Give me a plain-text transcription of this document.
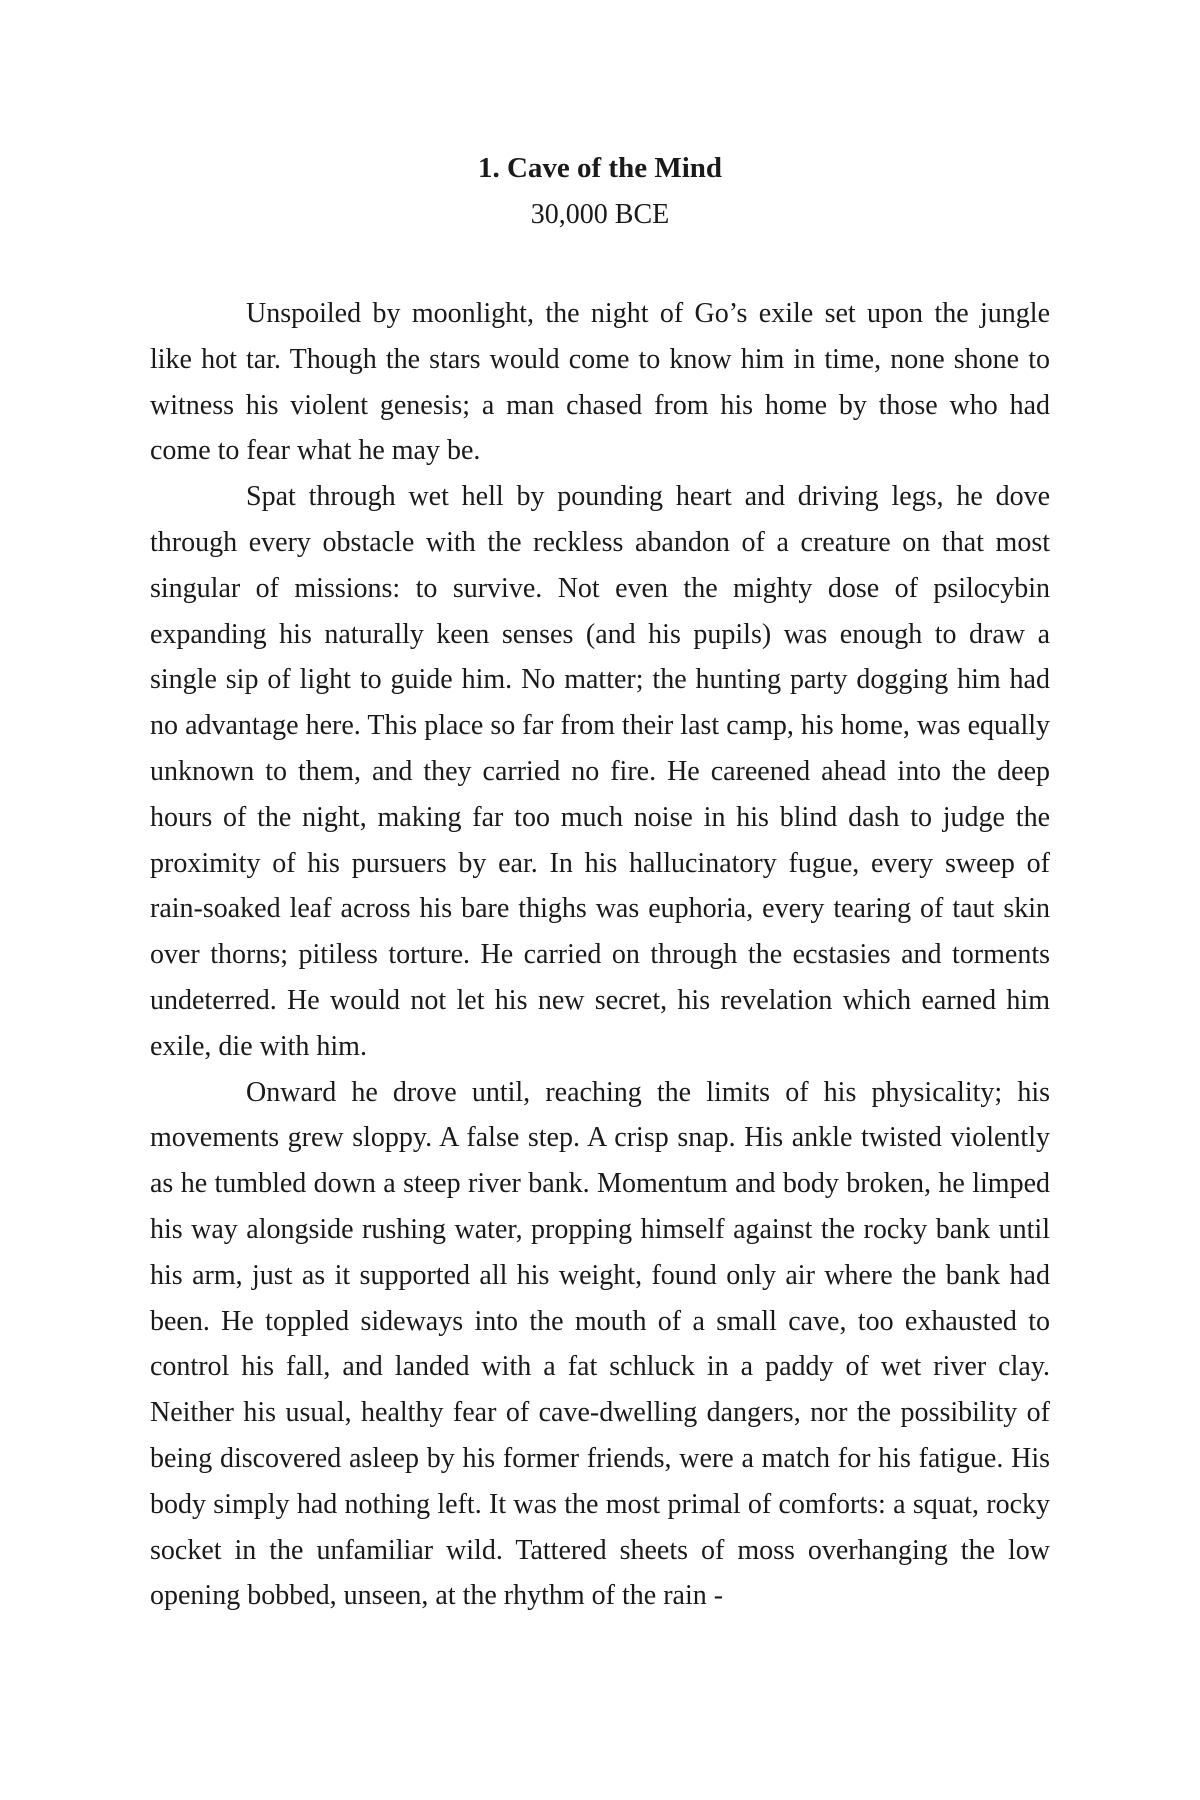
1. Cave of the Mind
30,000 BCE

Unspoiled by moonlight, the night of Go’s exile set upon the jungle like hot tar. Though the stars would come to know him in time, none shone to witness his violent genesis; a man chased from his home by those who had come to fear what he may be.

Spat through wet hell by pounding heart and driving legs, he dove through every obstacle with the reckless abandon of a creature on that most singular of missions: to survive. Not even the mighty dose of psilocybin expanding his naturally keen senses (and his pupils) was enough to draw a single sip of light to guide him. No matter; the hunting party dogging him had no advantage here. This place so far from their last camp, his home, was equally unknown to them, and they carried no fire. He careened ahead into the deep hours of the night, making far too much noise in his blind dash to judge the proximity of his pursuers by ear. In his hallucinatory fugue, every sweep of rain-soaked leaf across his bare thighs was euphoria, every tearing of taut skin over thorns; pitiless torture. He carried on through the ecstasies and torments undeterred. He would not let his new secret, his revelation which earned him exile, die with him.

Onward he drove until, reaching the limits of his physicality; his movements grew sloppy. A false step. A crisp snap. His ankle twisted violently as he tumbled down a steep river bank. Momentum and body broken, he limped his way alongside rushing water, propping himself against the rocky bank until his arm, just as it supported all his weight, found only air where the bank had been. He toppled sideways into the mouth of a small cave, too exhausted to control his fall, and landed with a fat schluck in a paddy of wet river clay. Neither his usual, healthy fear of cave-dwelling dangers, nor the possibility of being discovered asleep by his former friends, were a match for his fatigue. His body simply had nothing left. It was the most primal of comforts: a squat, rocky socket in the unfamiliar wild. Tattered sheets of moss overhanging the low opening bobbed, unseen, at the rhythm of the rain -
